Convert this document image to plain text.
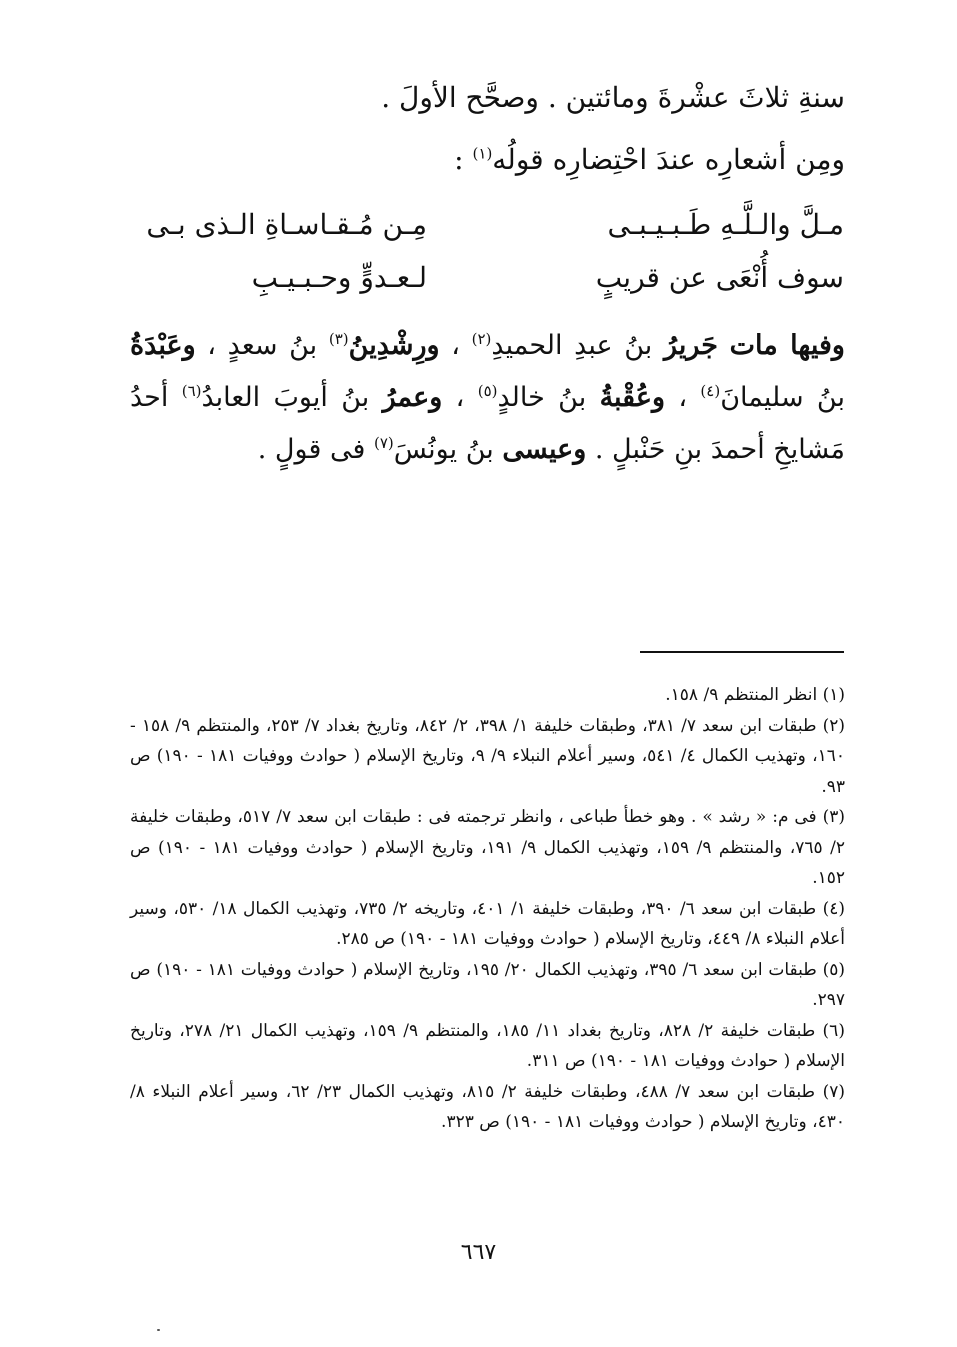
سنةِ ثلاثَ عشْرةَ ومائتين . وصحَّح الأولَ .
ومِن أشعارِه عندَ احْتِضارِه قولُه$^{(١)}$ :
مـلَّ والـلَّـهِ طَـبـيـبـى
مِـن مُـقـاسـاةِ الـذى بـى
سوف أُنْعَى عن قريبٍ
لـعـدوٍّ وحـبـيـبِ
وفيها مات جَريرُ بنُ عبدِ الحميدِ$^{(٢)}$ ، ورِشْدِينُ$^{(٣)}$ بنُ سعدٍ ، وعَبْدَةُ بنُ سليمانَ$^{(٤)}$ ، وعُقْبةُ بنُ خالدٍ$^{(٥)}$ ، وعمرُ بنُ أيوبَ العابدُ$^{(٦)}$ أحدُ مَشايخِ أحمدَ بنِ حَنْبلٍ . وعيسى بنُ يونُسَ$^{(٧)}$ فى قولٍ .

(١) انظر المنتظم ٩/ ١٥٨.

(٢) طبقات ابن سعد ٧/ ٣٨١، وطبقات خليفة ١/ ٣٩٨، ٢/ ٨٤٢، وتاريخ بغداد ٧/ ٢٥٣، والمنتظم ٩/ ١٥٨ - ١٦٠، وتهذيب الكمال ٤/ ٥٤١، وسير أعلام النبلاء ٩/ ٩، وتاريخ الإسلام ( حوادث ووفيات ١٨١ - ١٩٠) ص ٩٣.

(٣) فى م: « رشد » . وهو خطأ طباعى ، وانظر ترجمته فى : طبقات ابن سعد ٧/ ٥١٧، وطبقات خليفة ٢/ ٧٦٥، والمنتظم ٩/ ١٥٩، وتهذيب الكمال ٩/ ١٩١، وتاريخ الإسلام ( حوادث ووفيات ١٨١ - ١٩٠) ص ١٥٢.

(٤) طبقات ابن سعد ٦/ ٣٩٠، وطبقات خليفة ١/ ٤٠١، وتاريخه ٢/ ٧٣٥، وتهذيب الكمال ١٨/ ٥٣٠، وسير أعلام النبلاء ٨/ ٤٤٩، وتاريخ الإسلام ( حوادث ووفيات ١٨١ - ١٩٠) ص ٢٨٥.

(٥) طبقات ابن سعد ٦/ ٣٩٥، وتهذيب الكمال ٢٠/ ١٩٥، وتاريخ الإسلام ( حوادث ووفيات ١٨١ - ١٩٠) ص ٢٩٧.

(٦) طبقات خليفة ٢/ ٨٢٨، وتاريخ بغداد ١١/ ١٨٥، والمنتظم ٩/ ١٥٩، وتهذيب الكمال ٢١/ ٢٧٨، وتاريخ الإسلام ( حوادث ووفيات ١٨١ - ١٩٠) ص ٣١١.

(٧) طبقات ابن سعد ٧/ ٤٨٨، وطبقات خليفة ٢/ ٨١٥، وتهذيب الكمال ٢٣/ ٦٢، وسير أعلام النبلاء ٨/ ٤٣٠، وتاريخ الإسلام ( حوادث ووفيات ١٨١ - ١٩٠) ص ٣٢٣.

٦٦٧
